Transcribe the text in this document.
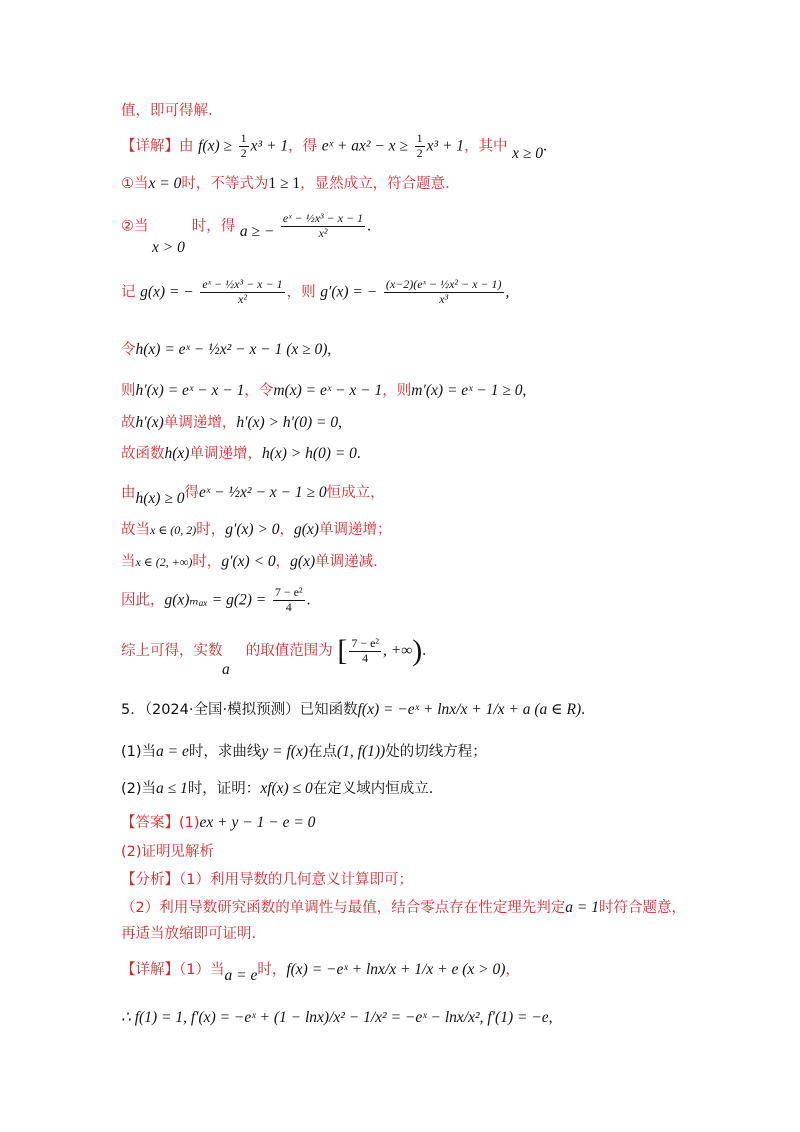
值，即可得解.
【详解】由 $f(x) \ge \frac{1}{2} x^3 + 1$，得 eˣ + $ax^2 - x \ge \frac{1}{2} x^3 + 1$，其中 x ≥ 0.
①当x = 0时，不等式为1 ≥ 1，显然成立，符合题意.
②当	时，得 a ≥ − $\frac{\text{eˣ − ½x³ − x − 1}}{\text{x²}}$ .
x > 0
记 g(x) = − $\frac{\text{eˣ − ½x³ − x − 1}}{\text{x²}}$ ，则 g′(x) = − $\frac{\text{(x−2)(eˣ − ½x² − x − 1)}}{\text{x³}}$ ,
令h(x) = eˣ − ½x² − x − 1 (x ≥ 0),
则h′(x) = eˣ − x − 1，令m(x) = eˣ − x − 1，则m′(x) = eˣ − 1 ≥ 0,
故h′(x)单调递增，h′(x) > h′(0) = 0,
故函数h(x)单调递增，h(x) > h(0) = 0.
由h(x) ≥ 0得eˣ − ½x² − x − 1 ≥ 0恒成立，
故当x ∈ (0, 2)时，g′(x) > 0，g(x)单调递增；
当x ∈ (2, +∞)时，g′(x) < 0，g(x)单调递减.
因此，$g(x)_{max} = g(2) = \frac{\text{7 − e²}}{4}$ .
综上可得，实数 的取值范围为 [ $\frac{\text{7 − e²}}{4}$ , +∞).
a
5．（2024·全国·模拟预测）已知函数f(x) = −eˣ + lnx/x + 1/x + a (a ∈ R).
(1)当a = e时，求曲线y = f(x)在点(1, f(1))处的切线方程；
(2)当a ≤ 1时，证明：xf(x) ≤ 0在定义域内恒成立.
【答案】(1)ex + y − 1 − e = 0
(2)证明见解析
【分析】（1）利用导数的几何意义计算即可；
（2）利用导数研究函数的单调性与最值，结合零点存在性定理先判定a = 1时符合题意，
再适当放缩即可证明.
【详解】（1）当a = e时，f(x) = −eˣ + lnx/x + 1/x + e (x > 0)，
∴ f(1) = 1, f′(x) = −eˣ + (1 − lnx)/x² − 1/x² = −eˣ − lnx/x², f′(1) = −e,
